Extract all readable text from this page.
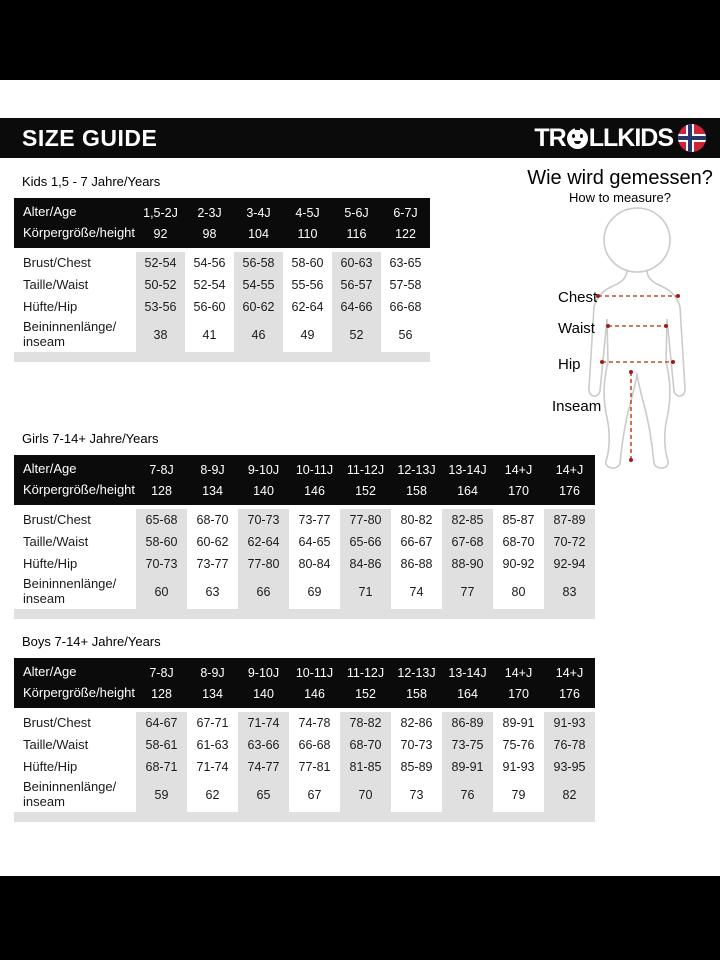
SIZE GUIDE	TR LLKIDS
Wie wird gemessen?
How to measure?
Chest
Waist
Hip
Inseam
Kids 1,5 - 7 Jahre/Years
Alter/Age	1,5-2J	2-3J	3-4J	4-5J	5-6J	6-7J
Körpergröße/height	92	98	104	110	116	122
Brust/Chest	52-54	54-56	56-58	58-60	60-63	63-65
Taille/Waist	50-52	52-54	54-55	55-56	56-57	57-58
Hüfte/Hip	53-56	56-60	60-62	62-64	64-66	66-68
Beininnenlänge/ inseam	38	41	46	49	52	56
Girls 7-14+ Jahre/Years
Alter/Age	7-8J	8-9J	9-10J	10-11J	11-12J	12-13J	13-14J	14+J	14+J
Körpergröße/height	128	134	140	146	152	158	164	170	176
Brust/Chest	65-68	68-70	70-73	73-77	77-80	80-82	82-85	85-87	87-89
Taille/Waist	58-60	60-62	62-64	64-65	65-66	66-67	67-68	68-70	70-72
Hüfte/Hip	70-73	73-77	77-80	80-84	84-86	86-88	88-90	90-92	92-94
Beininnenlänge/ inseam	60	63	66	69	71	74	77	80	83
Boys 7-14+ Jahre/Years
Alter/Age	7-8J	8-9J	9-10J	10-11J	11-12J	12-13J	13-14J	14+J	14+J
Körpergröße/height	128	134	140	146	152	158	164	170	176
Brust/Chest	64-67	67-71	71-74	74-78	78-82	82-86	86-89	89-91	91-93
Taille/Waist	58-61	61-63	63-66	66-68	68-70	70-73	73-75	75-76	76-78
Hüfte/Hip	68-71	71-74	74-77	77-81	81-85	85-89	89-91	91-93	93-95
Beininnenlänge/ inseam	59	62	65	67	70	73	76	79	82
